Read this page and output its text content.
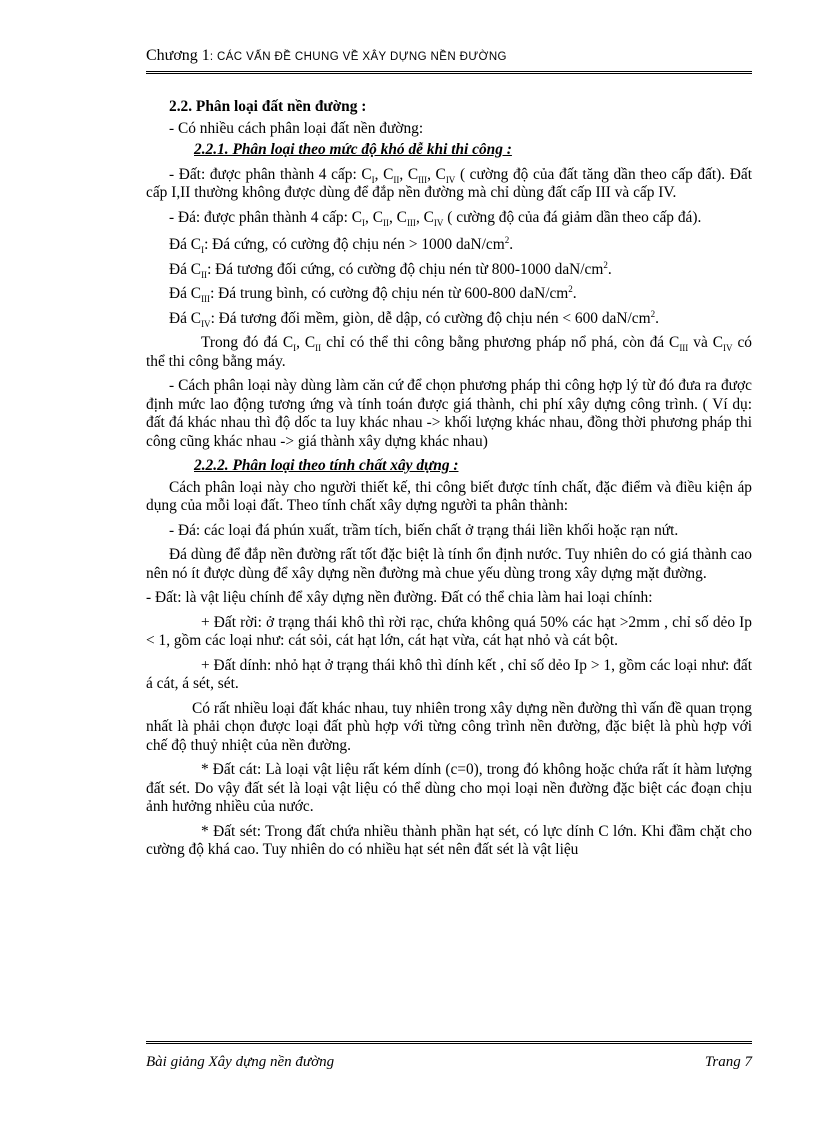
Chương 1: CÁC VẤN ĐỀ CHUNG VỀ XÂY DỰNG NỀN ĐƯỜNG

2.2. Phân loại đất nền đường :

- Có nhiều cách phân loại đất nền đường:

2.2.1. Phân loại theo mức độ khó dễ khi thi công :

- Đất: được phân thành 4 cấp: $C_I$, $C_{II}$, $C_{III}$, $C_{IV}$ ( cường độ của đất tăng dần theo cấp đất). Đất cấp I,II thường không được dùng để đắp nền đường mà chỉ dùng đất cấp III và cấp IV.

- Đá: được phân thành 4 cấp: $C_I$, $C_{II}$, $C_{III}$, $C_{IV}$ ( cường độ của đá giảm dần theo cấp đá).

Đá $C_I$: Đá cứng, có cường độ chịu nén > 1000 daN/$cm^2$.

Đá $C_{II}$: Đá tương đối cứng, có cường độ chịu nén từ 800-1000 daN/$cm^2$.

Đá $C_{III}$: Đá trung bình, có cường độ chịu nén từ 600-800 daN/$cm^2$.

Đá $C_{IV}$: Đá tương đối mềm, giòn, dễ dập, có cường độ chịu nén < 600 daN/$cm^2$.

Trong đó đá $C_I$, $C_{II}$ chỉ có thể thi công bằng phương pháp nổ phá, còn đá $C_{III}$ và $C_{IV}$ có thể thi công bằng máy.

- Cách phân loại này dùng làm căn cứ để chọn phương pháp thi công hợp lý từ đó đưa ra được định mức lao động tương ứng và tính toán được giá thành, chi phí xây dựng công trình. ( Ví dụ: đất đá khác nhau thì độ dốc ta luy khác nhau -> khối lượng khác nhau, đồng thời phương pháp thi công cũng khác nhau -> giá thành xây dựng khác nhau)

2.2.2. Phân loại theo tính chất xây dựng :

Cách phân loại này cho người thiết kế, thi công biết được tính chất, đặc điểm và điều kiện áp dụng của mỗi loại đất. Theo tính chất xây dựng người ta phân thành:

- Đá: các loại đá phún xuất, trầm tích, biến chất ở trạng thái liền khối hoặc rạn nứt.

Đá dùng để đắp nền đường rất tốt đặc biệt là tính ổn định nước. Tuy nhiên do có giá thành cao nên nó ít được dùng để xây dựng nền đường mà chue yếu dùng trong xây dựng mặt đường.

- Đất: là vật liệu chính để xây dựng nền đường. Đất có thể chia làm hai loại chính:

+ Đất rời: ở trạng thái khô thì rời rạc, chứa không quá 50% các hạt >2mm , chỉ số dẻo Ip < 1, gồm các loại như: cát sỏi, cát hạt lớn, cát hạt vừa, cát hạt nhỏ và cát bột.

+ Đất dính: nhỏ hạt ở trạng thái khô thì dính kết , chỉ số dẻo Ip > 1, gồm các loại như: đất á cát, á sét, sét.

Có rất nhiều loại đất khác nhau, tuy nhiên trong xây dựng nền đường thì vấn đề quan trọng nhất là phải chọn được loại đất phù hợp với từng công trình nền đường, đặc biệt là phù hợp với chế độ thuỷ nhiệt của nền đường.

* Đất cát: Là loại vật liệu rất kém dính (c=0), trong đó không hoặc chứa rất ít hàm lượng đất sét. Do vậy đất sét là loại vật liệu có thể dùng cho mọi loại nền đường đặc biệt các đoạn chịu ảnh hưởng nhiều của nước.

* Đất sét: Trong đất chứa nhiều thành phần hạt sét, có lực dính C lớn. Khi đầm chặt cho cường độ khá cao. Tuy nhiên do có nhiều hạt sét nên đất sét là vật liệu

Bài giảng Xây dựng nền đường	Trang 7
